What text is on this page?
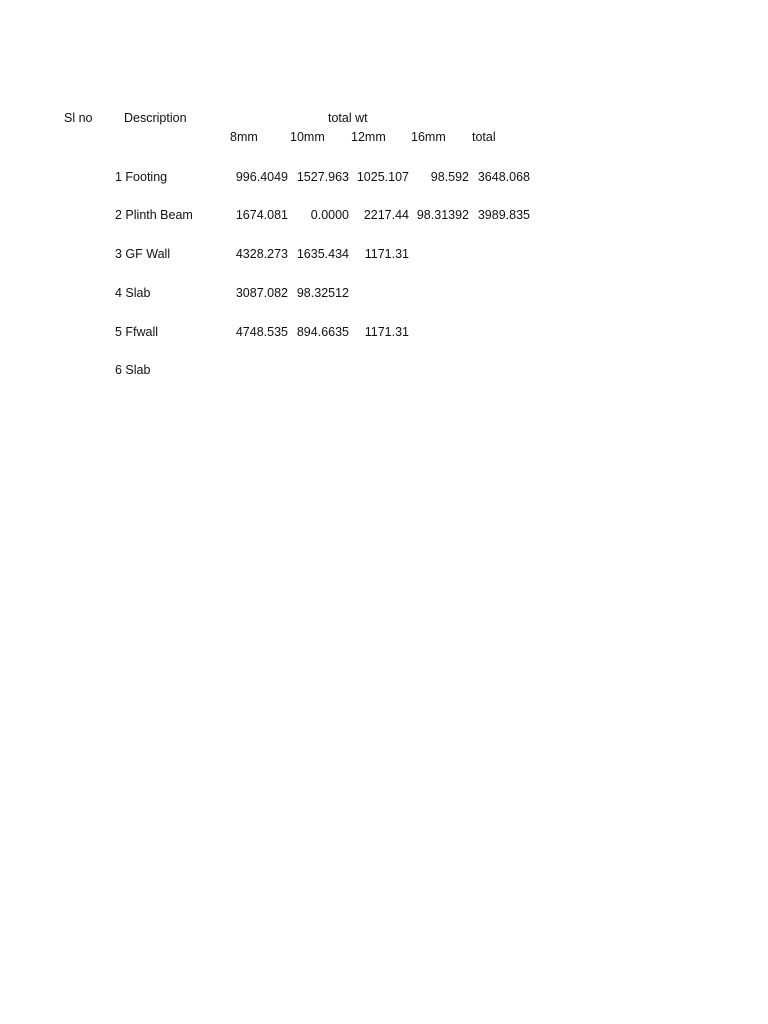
Sl no	Description	total wt
8mm	10mm 12mm 16mm total
1 Footing	996.4049 1527.963 1025.107 98.592 3648.068
2 Plinth Beam	1674.081 0.0000 2217.44 98.31392 3989.835
3 GF Wall	4328.273 1635.434 1171.31
4 Slab	3087.082 98.32512
5 Ffwall	4748.535 894.6635 1171.31
6 Slab
